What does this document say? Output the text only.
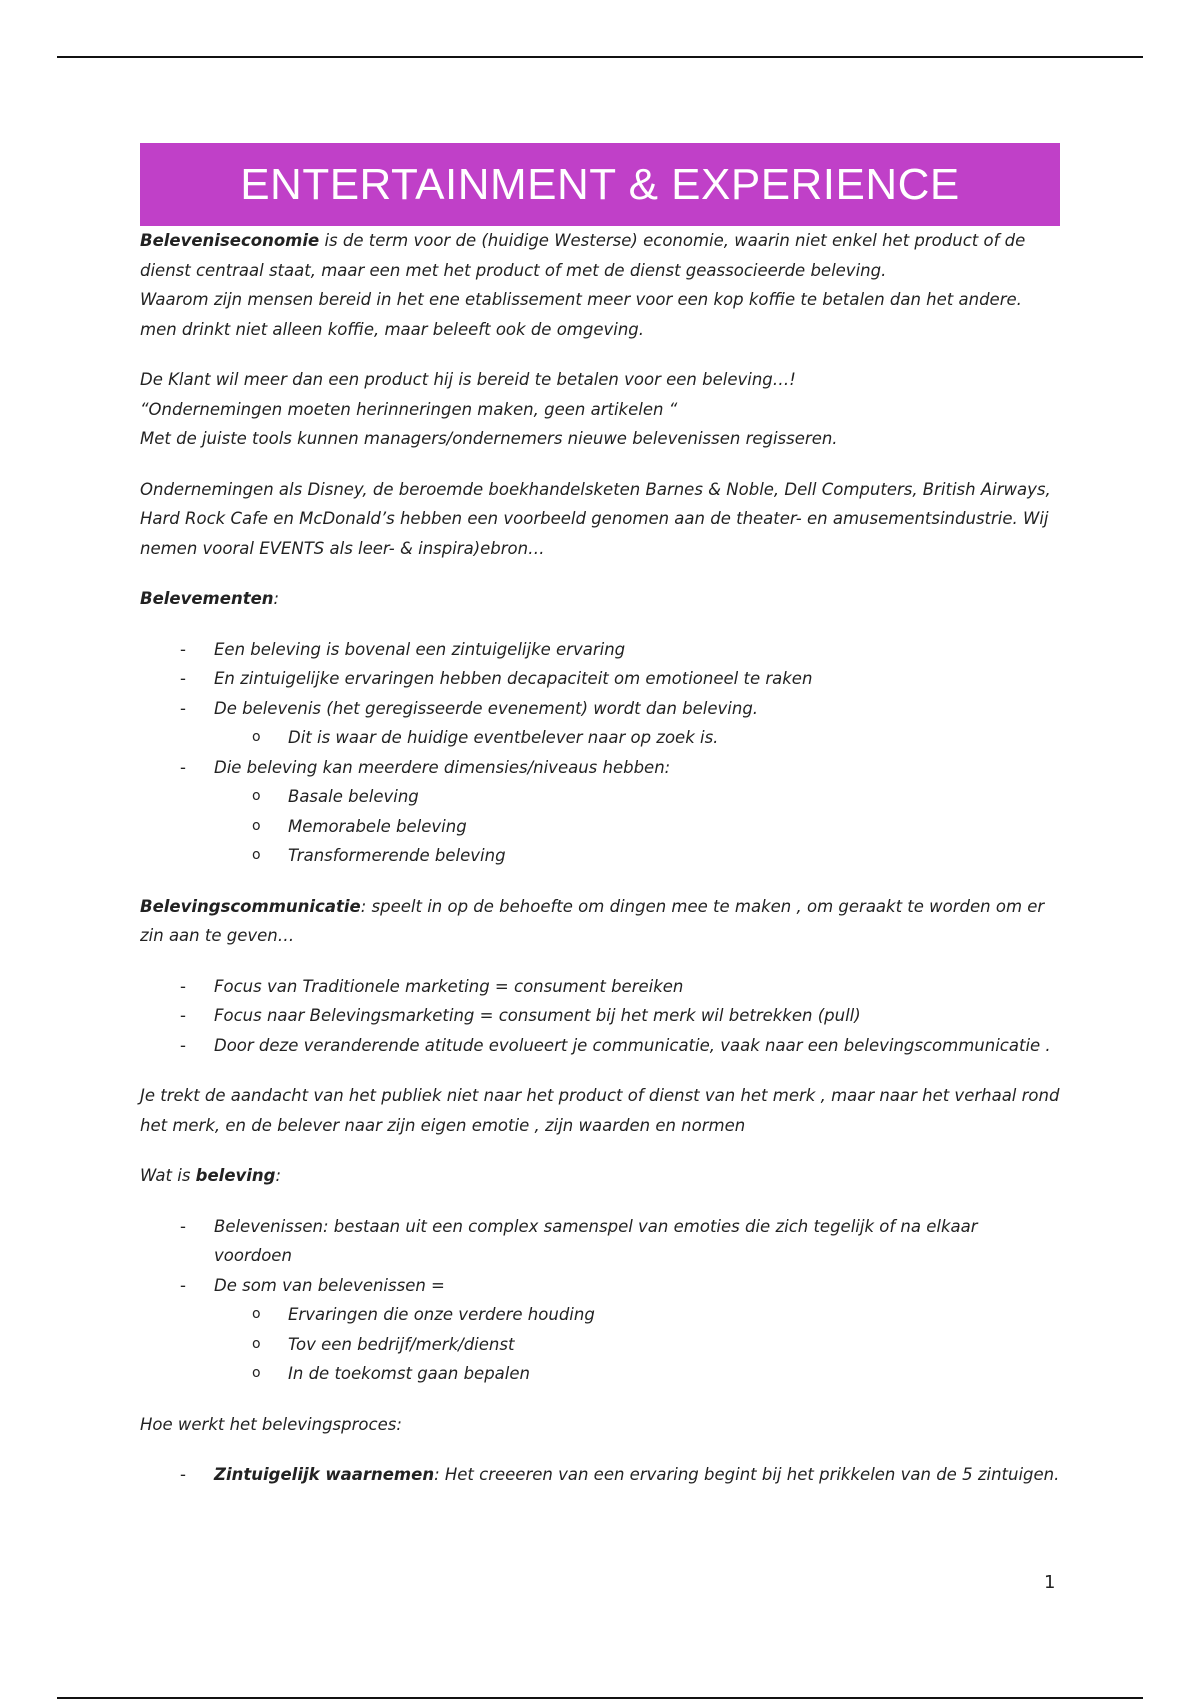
ENTERTAINMENT & EXPERIENCE

Beleveniseconomie is de term voor de (huidige Westerse) economie, waarin niet enkel het product of de dienst centraal staat, maar een met het product of met de dienst geassocieerde beleving.

Waarom zijn mensen bereid in het ene etablissement meer voor een kop koffie te betalen dan het andere. men drinkt niet alleen koffie, maar beleeft ook de omgeving.

De Klant wil meer dan een product hij is bereid te betalen voor een beleving…!

“Ondernemingen moeten herinneringen maken, geen artikelen “

Met de juiste tools kunnen managers/ondernemers nieuwe belevenissen regisseren.

Ondernemingen als Disney, de beroemde boekhandelsketen Barnes & Noble, Dell Computers, British Airways, Hard Rock Cafe en McDonald’s hebben een voorbeeld genomen aan de theater- en amusementsindustrie. Wij nemen vooral EVENTS als leer- & inspira)ebron…

Belevementen:

- Een beleving is bovenal een zintuigelijke ervaring
- En zintuigelijke ervaringen hebben decapaciteit om emotioneel te raken
- De belevenis (het geregisseerde evenement) wordt dan beleving.
o Dit is waar de huidige eventbelever naar op zoek is.
- Die beleving kan meerdere dimensies/niveaus hebben:
o Basale beleving
o Memorabele beleving
o Transformerende beleving

Belevingscommunicatie: speelt in op de behoefte om dingen mee te maken , om geraakt te worden om er zin aan te geven…

- Focus van Traditionele marketing = consument bereiken
- Focus naar Belevingsmarketing = consument bij het merk wil betrekken (pull)
- Door deze veranderende atitude evolueert je communicatie, vaak naar een belevingscommunicatie .

Je trekt de aandacht van het publiek niet naar het product of dienst van het merk , maar naar het verhaal rond het merk, en de belever naar zijn eigen emotie , zijn waarden en normen

Wat is beleving:

- Belevenissen: bestaan uit een complex samenspel van emoties die zich tegelijk of na elkaar voordoen
- De som van belevenissen =
o Ervaringen die onze verdere houding
o Tov een bedrijf/merk/dienst
o In de toekomst gaan bepalen

Hoe werkt het belevingsproces:

- Zintuigelijk waarnemen: Het creeeren van een ervaring begint bij het prikkelen van de 5 zintuigen.
1
